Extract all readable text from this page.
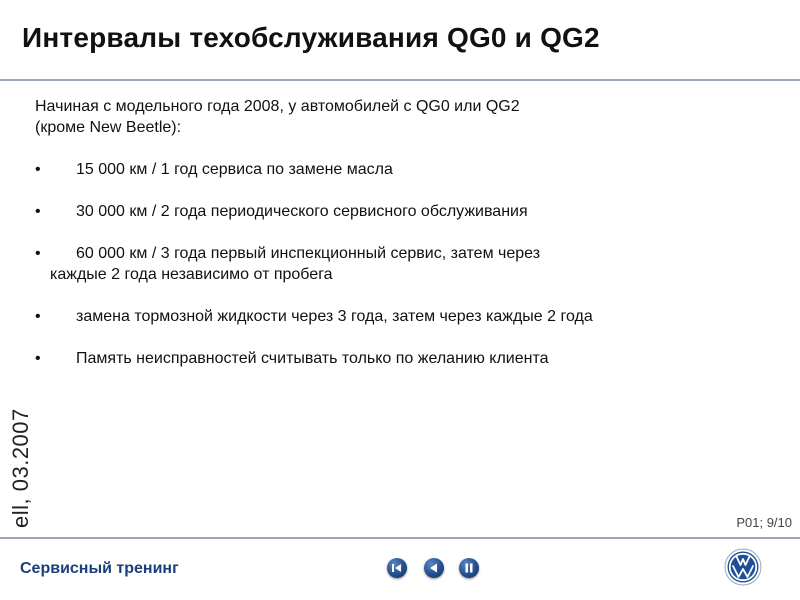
Интервалы техобслуживания QG0 и QG2
Начиная с модельного года 2008, у автомобилей с QG0 или QG2
(кроме New Beetle):
• 15 000 км / 1 год сервиса по замене масла
• 30 000 км / 2 года периодического сервисного обслуживания
• 60 000 км / 3 года первый инспекционный сервис, затем через
каждые 2 года независимо от пробега
• замена тормозной жидкости через 3 года, затем через каждые 2 года
• Память неисправностей считывать только по желанию клиента
ell, 03.2007	P01; 9/10
Сервисный тренинг
